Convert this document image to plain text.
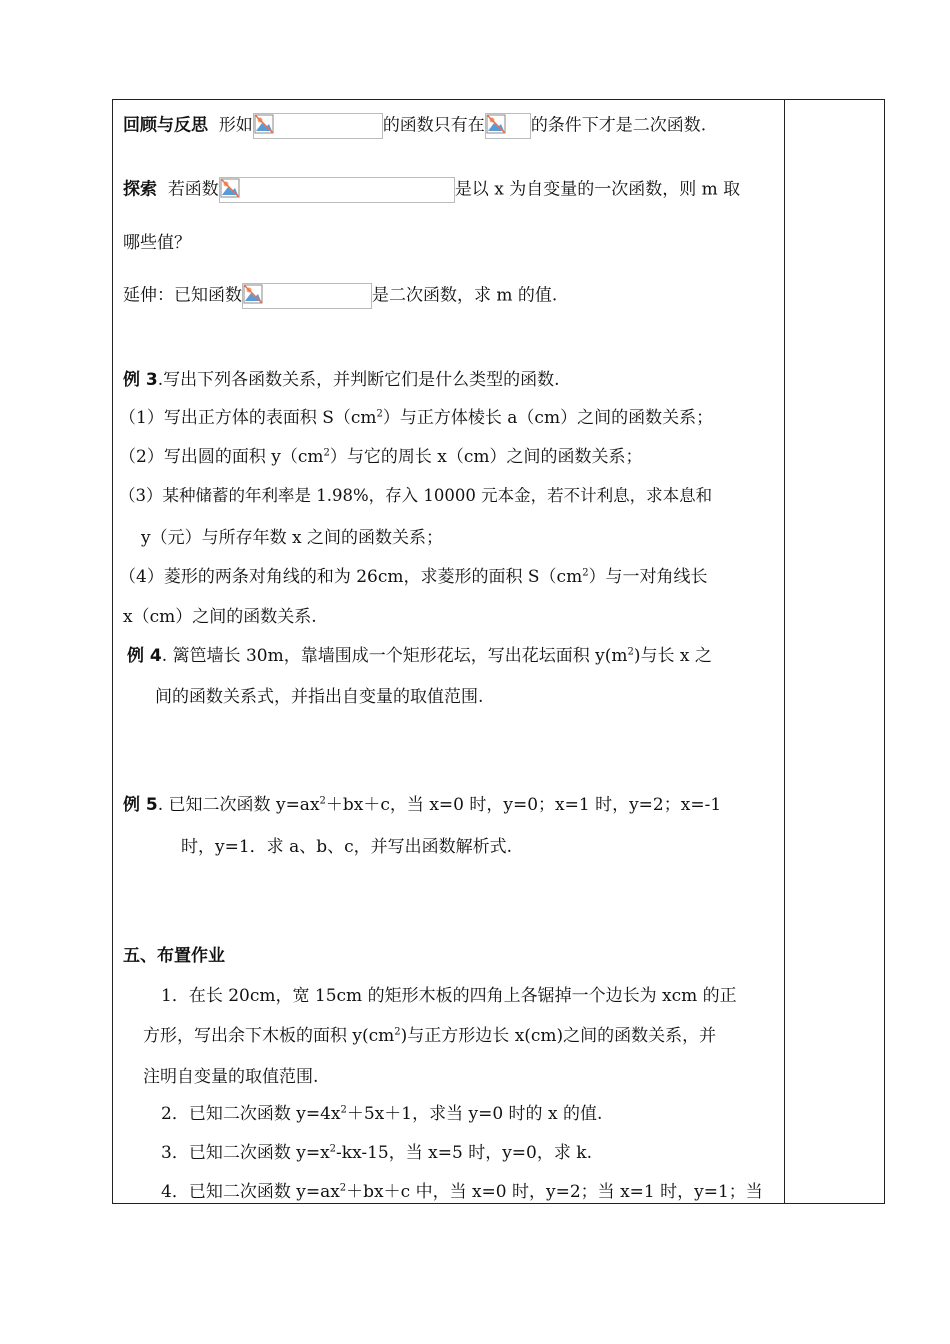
回顾与反思 形如	的函数只有在	的条件下才是二次函数.
探索 若函数	是以 x 为自变量的一次函数，则 m 取
哪些值？
延伸：已知函数	是二次函数，求 m 的值.
例 3.写出下列各函数关系，并判断它们是什么类型的函数.
（1）写出正方体的表面积 $S(cm^2)$与正方体棱长 a（cm）之间的函数关系；
（2）写出圆的面积 $y(cm^2)$与它的周长 x（cm）之间的函数关系；
（3）某种储蓄的年利率是 1.98%，存入 10000 元本金，若不计利息，求本息和
y（元）与所存年数 x 之间的函数关系；
（4）菱形的两条对角线的和为 26cm，求菱形的面积 $S(cm^2)$与一对角线长
x（cm）之间的函数关系.
例 4. 篱笆墙长 30m，靠墙围成一个矩形花坛，写出花坛面积 $y(m^2)$与长 x 之
间的函数关系式，并指出自变量的取值范围.
例 5. 已知二次函数 $y=ax^2+bx+c$，当 x=0 时，y=0；x=1 时，y=2；x=-1
时，y=1．求 a、b、c，并写出函数解析式.
五、布置作业
1．在长 20cm，宽 15cm 的矩形木板的四角上各锯掉一个边长为 xcm 的正
方形，写出余下木板的面积 $y(cm^2)$与正方形边长 x(cm)之间的函数关系，并
注明自变量的取值范围.
2．已知二次函数 $y=4x^2+5x+1$，求当 y=0 时的 x 的值.
3．已知二次函数 $y=x^2-kx-15$，当 x=5 时，y=0，求 k.
4．已知二次函数 $y=ax^2+bx+c$ 中，当 x=0 时，y=2；当 x=1 时，y=1；当
